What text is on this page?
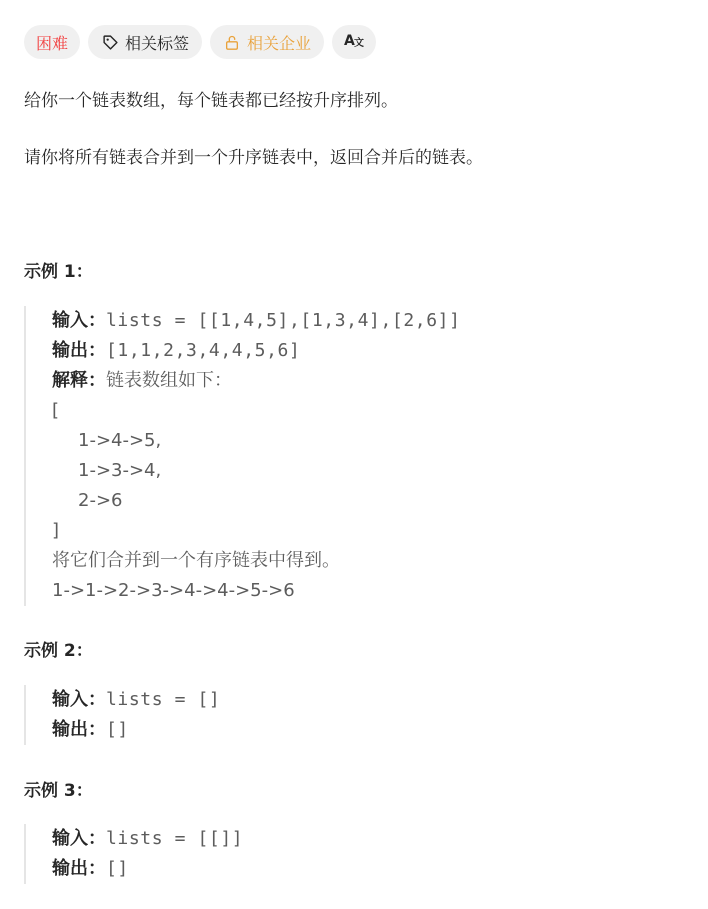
困难	相关标签	相关企业 A 文
给你一个链表数组，每个链表都已经按升序排列。
请你将所有链表合并到一个升序链表中，返回合并后的链表。
示例 1：
输入：lists = [[1,4,5],[1,3,4],[2,6]]
输出：[1,1,2,3,4,4,5,6]
解释：链表数组如下：
[
1->4->5,
1->3->4,
2->6
]
将它们合并到一个有序链表中得到。
1->1->2->3->4->4->5->6
示例 2：
输入：lists = []
输出：[]
示例 3：
输入：lists = [[]]
输出：[]
